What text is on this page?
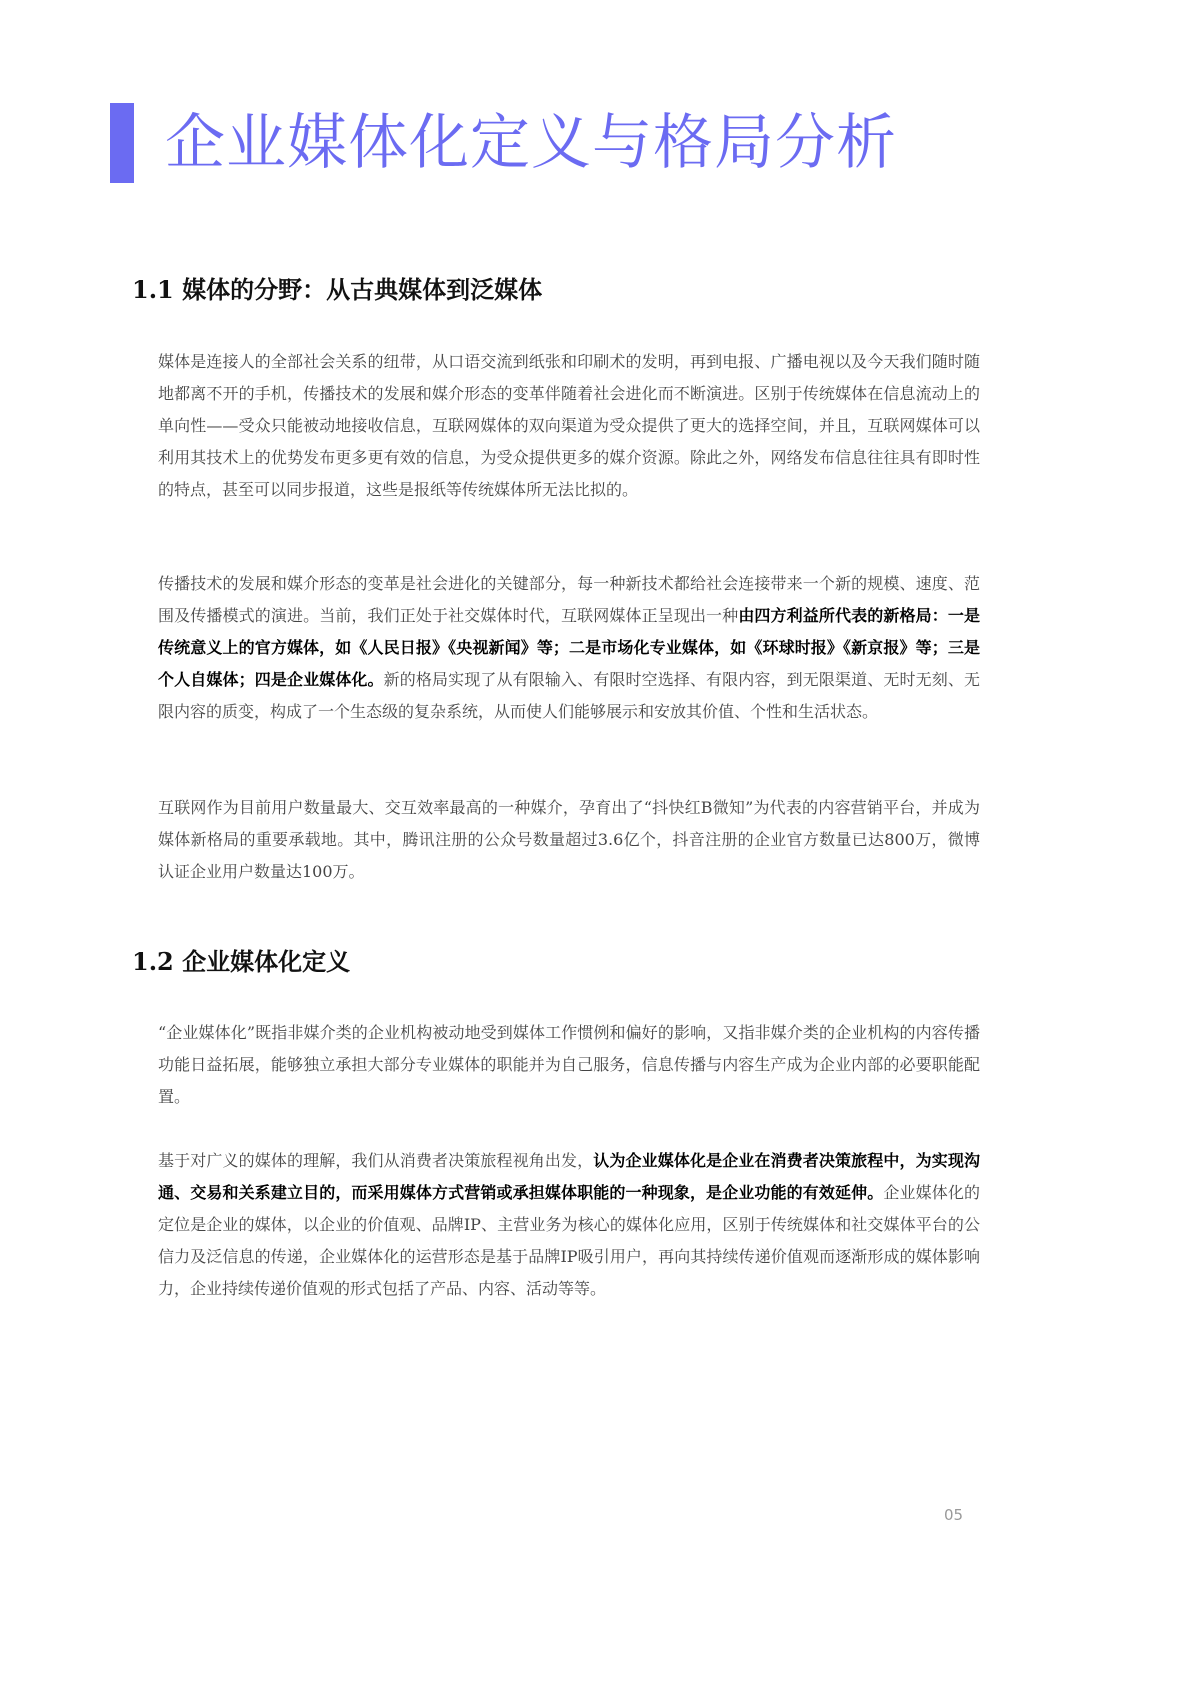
企业媒体化定义与格局分析
1.1 媒体的分野：从古典媒体到泛媒体

媒体是连接人的全部社会关系的纽带，从口语交流到纸张和印刷术的发明，再到电报、广播电视以及今天我们随时随地都离不开的手机，传播技术的发展和媒介形态的变革伴随着社会进化而不断演进。区别于传统媒体在信息流动上的单向性——受众只能被动地接收信息，互联网媒体的双向渠道为受众提供了更大的选择空间，并且，互联网媒体可以利用其技术上的优势发布更多更有效的信息，为受众提供更多的媒介资源。除此之外，网络发布信息往往具有即时性的特点，甚至可以同步报道，这些是报纸等传统媒体所无法比拟的。

传播技术的发展和媒介形态的变革是社会进化的关键部分，每一种新技术都给社会连接带来一个新的规模、速度、范围及传播模式的演进。当前，我们正处于社交媒体时代，互联网媒体正呈现出一种由四方利益所代表的新格局：一是传统意义上的官方媒体，如《人民日报》《央视新闻》等；二是市场化专业媒体，如《环球时报》《新京报》等；三是个人自媒体；四是企业媒体化。新的格局实现了从有限输入、有限时空选择、有限内容，到无限渠道、无时无刻、无限内容的质变，构成了一个生态级的复杂系统，从而使人们能够展示和安放其价值、个性和生活状态。

互联网作为目前用户数量最大、交互效率最高的一种媒介，孕育出了“抖快红B微知”为代表的内容营销平台，并成为媒体新格局的重要承载地。其中，腾讯注册的公众号数量超过3.6亿个，抖音注册的企业官方数量已达800万，微博认证企业用户数量达100万。

1.2 企业媒体化定义

“企业媒体化”既指非媒介类的企业机构被动地受到媒体工作惯例和偏好的影响，又指非媒介类的企业机构的内容传播功能日益拓展，能够独立承担大部分专业媒体的职能并为自己服务，信息传播与内容生产成为企业内部的必要职能配置。

基于对广义的媒体的理解，我们从消费者决策旅程视角出发，认为企业媒体化是企业在消费者决策旅程中，为实现沟通、交易和关系建立目的，而采用媒体方式营销或承担媒体职能的一种现象，是企业功能的有效延伸。企业媒体化的定位是企业的媒体，以企业的价值观、品牌IP、主营业务为核心的媒体化应用，区别于传统媒体和社交媒体平台的公信力及泛信息的传递，企业媒体化的运营形态是基于品牌IP吸引用户，再向其持续传递价值观而逐渐形成的媒体影响力，企业持续传递价值观的形式包括了产品、内容、活动等等。

05
